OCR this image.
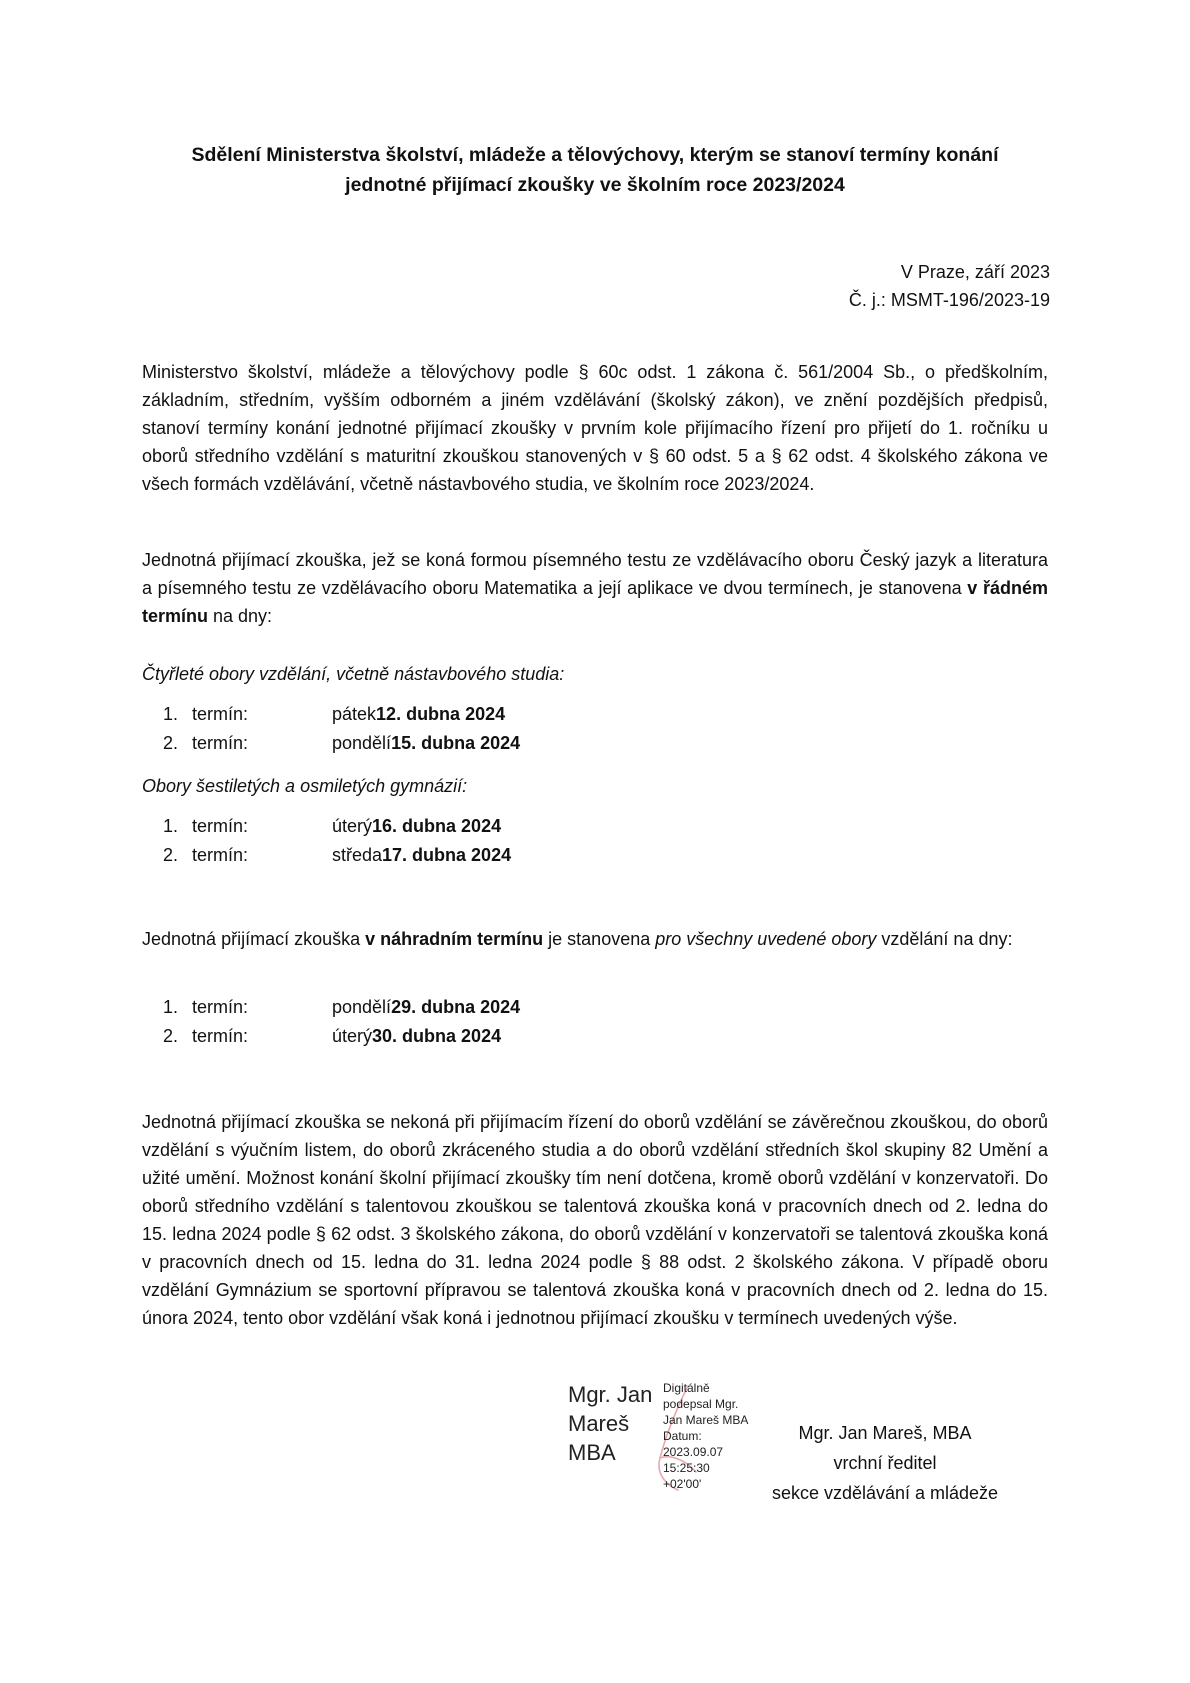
Sdělení Ministerstva školství, mládeže a tělovýchovy, kterým se stanoví termíny konání
jednotné přijímací zkoušky ve školním roce 2023/2024
V Praze, září 2023
Č. j.: MSMT-196/2023-19

Ministerstvo školství, mládeže a tělovýchovy podle § 60c odst. 1 zákona č. 561/2004 Sb., o předškolním, základním, středním, vyšším odborném a jiném vzdělávání (školský zákon), ve znění pozdějších předpisů, stanoví termíny konání jednotné přijímací zkoušky v prvním kole přijímacího řízení pro přijetí do 1. ročníku u oborů středního vzdělání s maturitní zkouškou stanovených v § 60 odst. 5 a § 62 odst. 4 školského zákona ve všech formách vzdělávání, včetně nástavbového studia, ve školním roce 2023/2024.

Jednotná přijímací zkouška, jež se koná formou písemného testu ze vzdělávacího oboru Český jazyk a literatura a písemného testu ze vzdělávacího oboru Matematika a její aplikace ve dvou termínech, je stanovena v řádném termínu na dny:

Čtyřleté obory vzdělání, včetně nástavbového studia:
1. termín:	pátek 12. dubna 2024
2. termín:	pondělí 15. dubna 2024
Obory šestiletých a osmiletých gymnázií:
1. termín:	úterý 16. dubna 2024
2. termín:	středa 17. dubna 2024

Jednotná přijímací zkouška v náhradním termínu je stanovena pro všechny uvedené obory vzdělání na dny:

1. termín:	pondělí 29. dubna 2024
2. termín:	úterý 30. dubna 2024

Jednotná přijímací zkouška se nekoná při přijímacím řízení do oborů vzdělání se závěrečnou zkouškou, do oborů vzdělání s výučním listem, do oborů zkráceného studia a do oborů vzdělání středních škol skupiny 82 Umění a užité umění. Možnost konání školní přijímací zkoušky tím není dotčena, kromě oborů vzdělání v konzervatoři. Do oborů středního vzdělání s talentovou zkouškou se talentová zkouška koná v pracovních dnech od 2. ledna do 15. ledna 2024 podle § 62 odst. 3 školského zákona, do oborů vzdělání v konzervatoři se talentová zkouška koná v pracovních dnech od 15. ledna do 31. ledna 2024 podle § 88 odst. 2 školského zákona. V případě oboru vzdělání Gymnázium se sportovní přípravou se talentová zkouška koná v pracovních dnech od 2. ledna do 15. února 2024, tento obor vzdělání však koná i jednotnou přijímací zkoušku v termínech uvedených výše.

Mgr. Jan
Mareš
MBA
Digitálně
podepsal Mgr.
Jan Mareš MBA
Datum:
2023.09.07
15:25:30
+02'00'
Mgr. Jan Mareš, MBA
vrchní ředitel
sekce vzdělávání a mládeže
